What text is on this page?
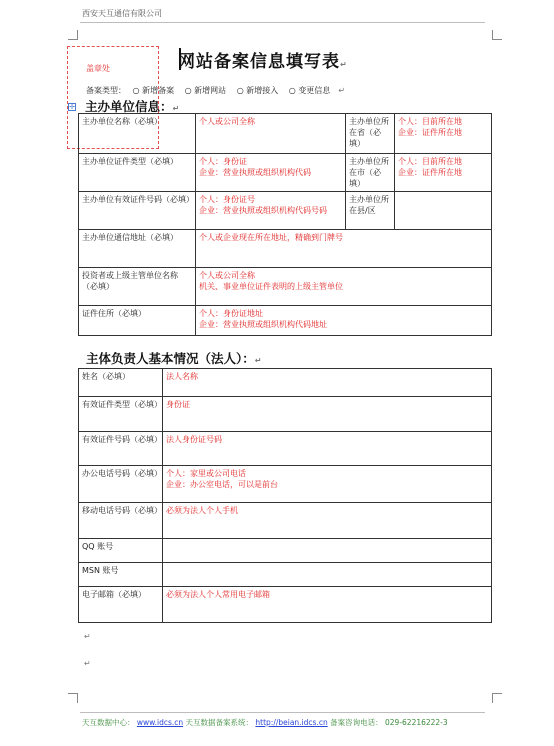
西安天互通信有限公司
盖章处	网站备案信息填写表↵
备案类型： ○ 新增备案 ○ 新增网站 ○ 新增接入 ○ 变更信息 ↵
✛ 主办单位信息：↵
主办单位名称（必填）	个人或公司全称	主办单位所在省（必填）	个人：目前所在地
企业：证件所在地
主办单位证件类型（必填）	个人：身份证
企业：营业执照或组织机构代码	主办单位所在市（必填）	个人：目前所在地
企业：证件所在地
主办单位有效证件号码（必填）	个人：身份证号
企业：营业执照或组织机构代码号码	主办单位所在县/区	
主办单位通信地址（必填）	个人或企业现在所在地址，精确到门牌号		
投资者或上级主管单位名称（必填）	个人或公司全称
机关、事业单位证件表明的上级主管单位		
证件住所（必填）	个人：身份证地址
企业：营业执照或组织机构代码地址		
主体负责人基本情况（法人）：↵
姓名（必填）	法人名称
有效证件类型（必填）	身份证
有效证件号码（必填）	法人身份证号码
办公电话号码（必填）	个人：家里或公司电话
企业：办公室电话，可以是前台
移动电话号码（必填）	必须为法人个人手机
QQ 账号	
MSN 账号	
电子邮箱（必填）	必须为法人个人常用电子邮箱
↵
↵
天互数据中心： www.idcs.cn 天互数据备案系统： http://beian.idcs.cn 备案咨询电话： 029-62216222-3
